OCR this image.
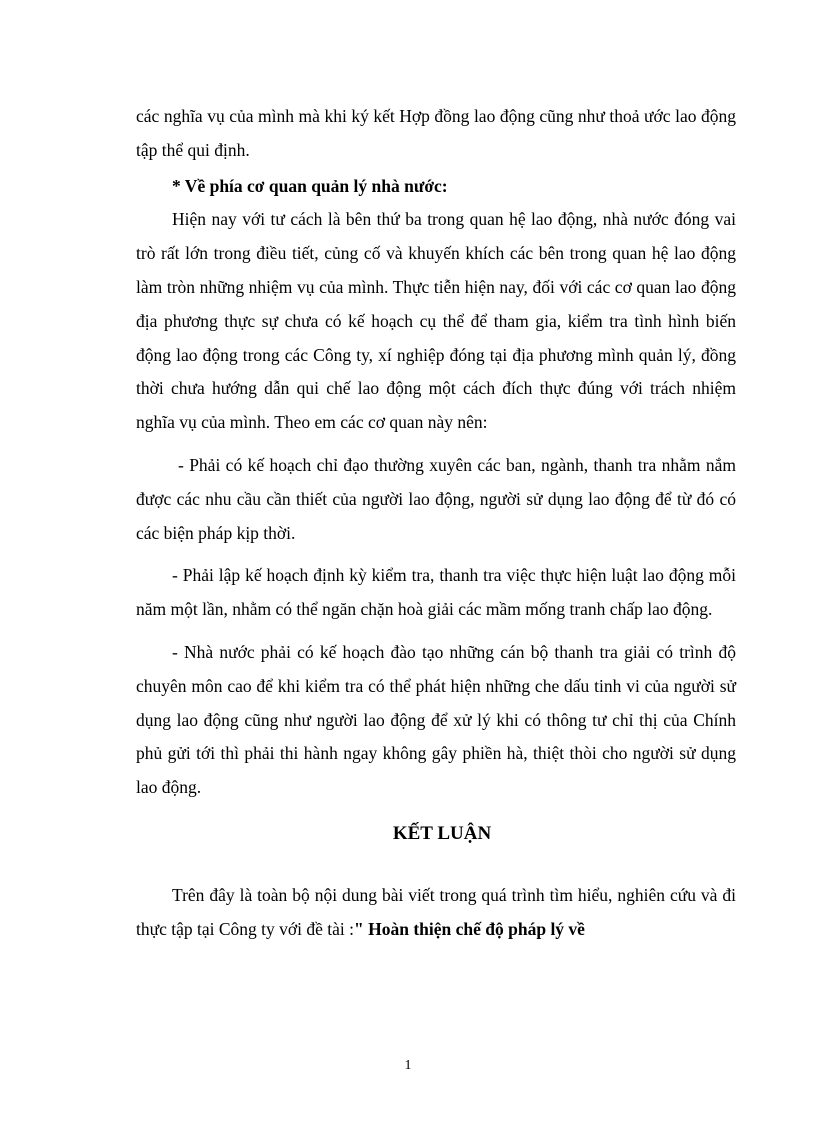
các nghĩa vụ của mình mà khi ký kết Hợp đồng lao động cũng như thoả ước lao động tập thể qui định.

* Về phía cơ quan quản lý nhà nước:

Hiện nay với tư cách là bên thứ ba trong quan hệ lao động, nhà nước đóng vai trò rất lớn trong điều tiết, củng cố và khuyến khích các bên trong quan hệ lao động làm tròn những nhiệm vụ của mình. Thực tiễn hiện nay, đối với các cơ quan lao động địa phương thực sự chưa có kế hoạch cụ thể để tham gia, kiểm tra tình hình biến động lao động trong các Công ty, xí nghiệp đóng tại địa phương mình quản lý, đồng thời chưa hướng dẫn qui chế lao động một cách đích thực đúng với trách nhiệm nghĩa vụ của mình. Theo em các cơ quan này nên:

- Phải có kế hoạch chỉ đạo thường xuyên các ban, ngành, thanh tra nhằm nắm được các nhu cầu cần thiết của người lao động, người sử dụng lao động để từ đó có các biện pháp kịp thời.

- Phải lập kế hoạch định kỳ kiểm tra, thanh tra việc thực hiện luật lao động mỗi năm một lần, nhằm có thể ngăn chặn hoà giải các mầm mống tranh chấp lao động.

- Nhà nước phải có kế hoạch đào tạo những cán bộ thanh tra giải có trình độ chuyên môn cao để khi kiểm tra có thể phát hiện những che dấu tinh vi của người sử dụng lao động cũng như người lao động để xử lý khi có thông tư chỉ thị của Chính phủ gửi tới thì phải thi hành ngay không gây phiền hà, thiệt thòi cho người sử dụng lao động.

KẾT LUẬN

Trên đây là toàn bộ nội dung bài viết trong quá trình tìm hiểu, nghiên cứu và đi thực tập tại Công ty với đề tài :" Hoàn thiện chế độ pháp lý về

1
